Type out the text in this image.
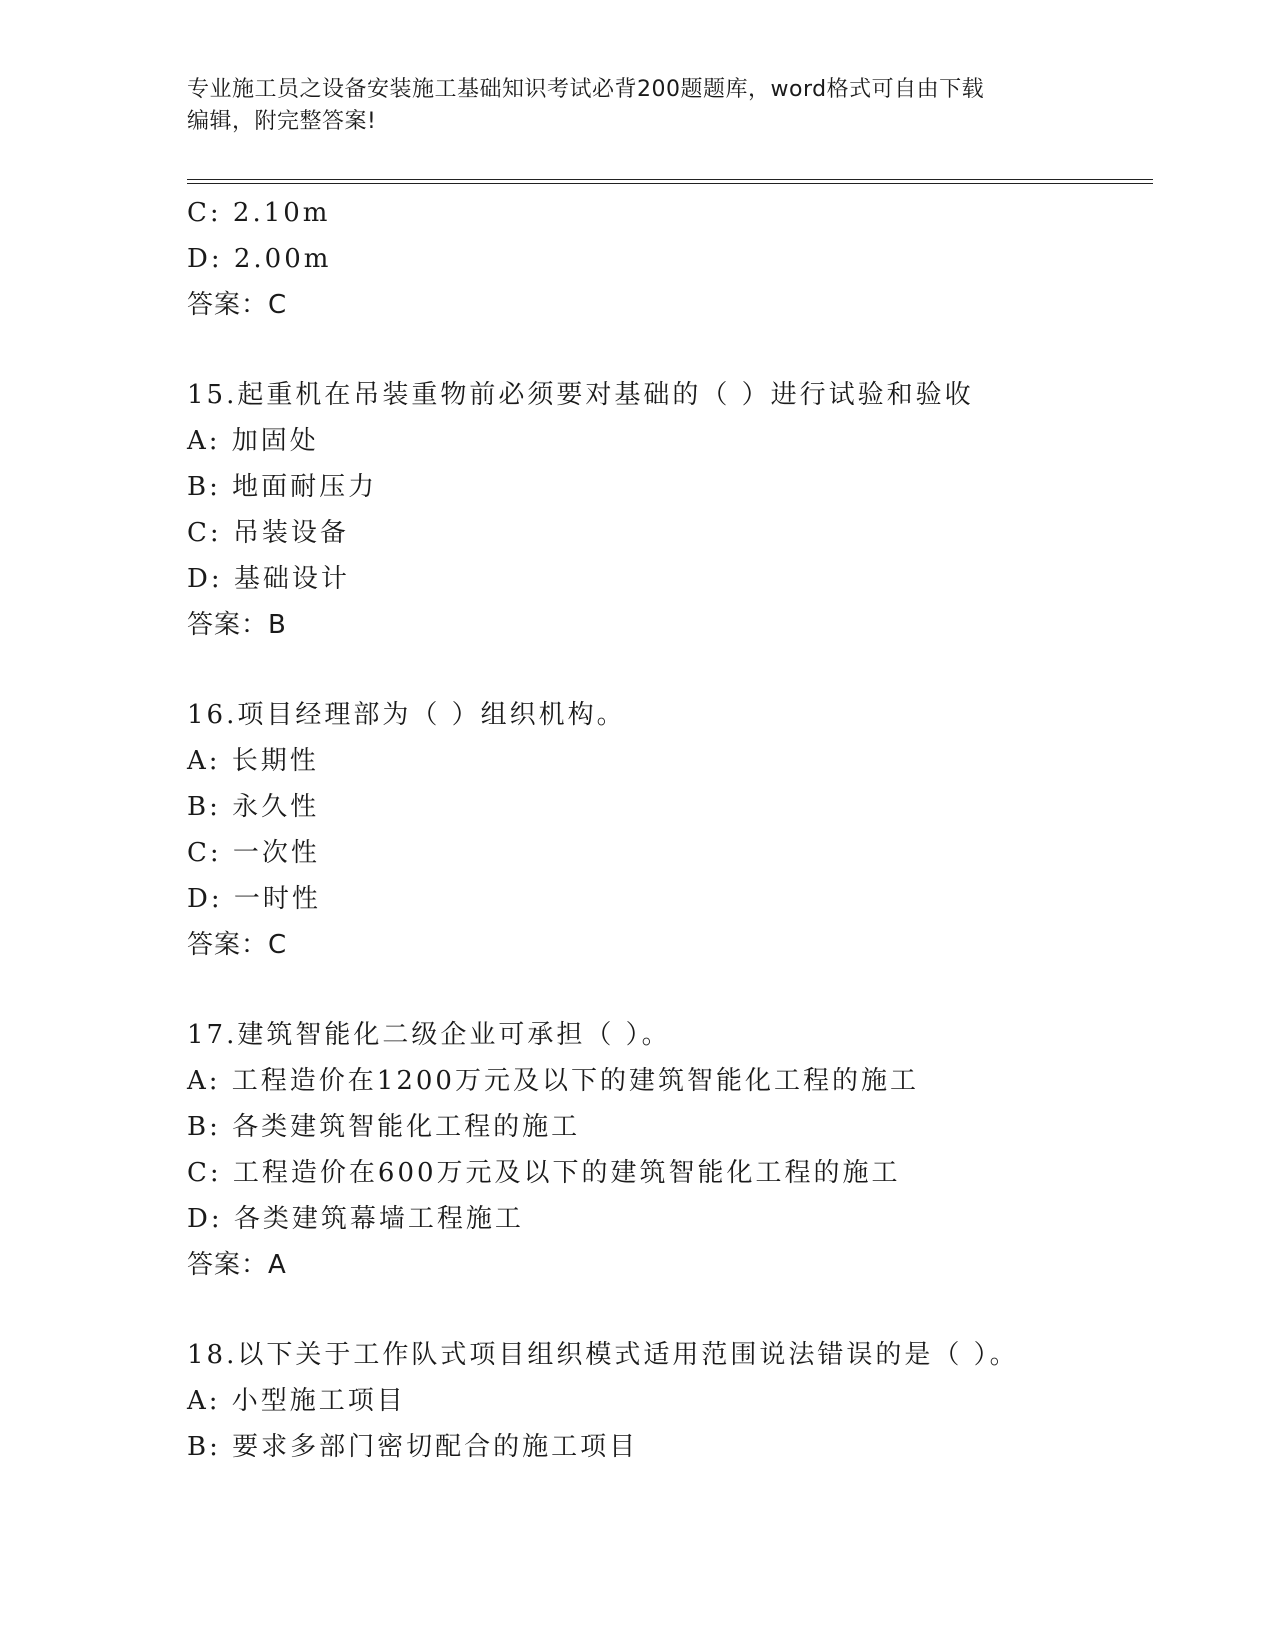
专业施工员之设备安装施工基础知识考试必背200题题库，word格式可自由下载
编辑，附完整答案!
C: 2.10m
D: 2.00m
答案：C
15.起重机在吊装重物前必须要对基础的（ ）进行试验和验收
A: 加固处
B: 地面耐压力
C: 吊装设备
D: 基础设计
答案：B
16.项目经理部为（ ）组织机构。
A: 长期性
B: 永久性
C: 一次性
D: 一时性
答案：C
17.建筑智能化二级企业可承担（ ）。
A: 工程造价在1200万元及以下的建筑智能化工程的施工
B: 各类建筑智能化工程的施工
C: 工程造价在600万元及以下的建筑智能化工程的施工
D: 各类建筑幕墙工程施工
答案：A
18.以下关于工作队式项目组织模式适用范围说法错误的是（ ）。
A: 小型施工项目
B: 要求多部门密切配合的施工项目
